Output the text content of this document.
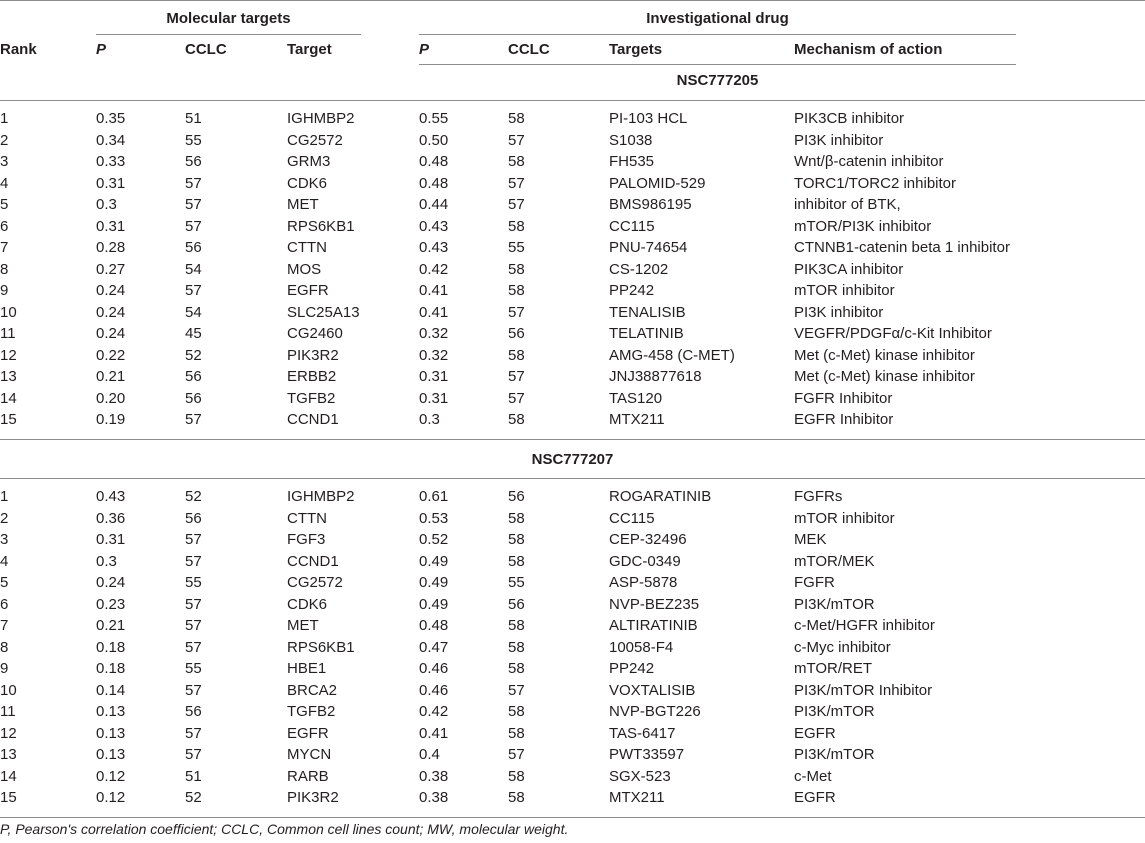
Molecular targets	Investigational drug
Rank	P	CCLC	Target	P	CCLC	Targets	Mechanism of action
NSC777205
1	0.35	51	IGHMBP2	0.55	58	PI-103 HCL	PIK3CB inhibitor
2	0.34	55	CG2572	0.50	57	S1038	PI3K inhibitor
3	0.33	56	GRM3	0.48	58	FH535	Wnt/β-catenin inhibitor
4	0.31	57	CDK6	0.48	57	PALOMID-529	TORC1/TORC2 inhibitor
5	0.3	57	MET	0.44	57	BMS986195	inhibitor of BTK,
6	0.31	57	RPS6KB1	0.43	58	CC115	mTOR/PI3K inhibitor
7	0.28	56	CTTN	0.43	55	PNU-74654	CTNNB1-catenin beta 1 inhibitor
8	0.27	54	MOS	0.42	58	CS-1202	PIK3CA inhibitor
9	0.24	57	EGFR	0.41	58	PP242	mTOR inhibitor
10	0.24	54	SLC25A13	0.41	57	TENALISIB	PI3K inhibitor
11	0.24	45	CG2460	0.32	56	TELATINIB	VEGFR/PDGFα/c-Kit Inhibitor
12	0.22	52	PIK3R2	0.32	58	AMG-458 (C-MET)	Met (c-Met) kinase inhibitor
13	0.21	56	ERBB2	0.31	57	JNJ38877618	Met (c-Met) kinase inhibitor
14	0.20	56	TGFB2	0.31	57	TAS120	FGFR Inhibitor
15	0.19	57	CCND1	0.3	58	MTX211	EGFR Inhibitor
NSC777207
1	0.43	52	IGHMBP2	0.61	56	ROGARATINIB	FGFRs
2	0.36	56	CTTN	0.53	58	CC115	mTOR inhibitor
3	0.31	57	FGF3	0.52	58	CEP-32496	MEK
4	0.3	57	CCND1	0.49	58	GDC-0349	mTOR/MEK
5	0.24	55	CG2572	0.49	55	ASP-5878	FGFR
6	0.23	57	CDK6	0.49	56	NVP-BEZ235	PI3K/mTOR
7	0.21	57	MET	0.48	58	ALTIRATINIB	c-Met/HGFR inhibitor
8	0.18	57	RPS6KB1	0.47	58	10058-F4	c-Myc inhibitor
9	0.18	55	HBE1	0.46	58	PP242	mTOR/RET
10	0.14	57	BRCA2	0.46	57	VOXTALISIB	PI3K/mTOR Inhibitor
11	0.13	56	TGFB2	0.42	58	NVP-BGT226	PI3K/mTOR
12	0.13	57	EGFR	0.41	58	TAS-6417	EGFR
13	0.13	57	MYCN	0.4	57	PWT33597	PI3K/mTOR
14	0.12	51	RARB	0.38	58	SGX-523	c-Met
15	0.12	52	PIK3R2	0.38	58	MTX211	EGFR
P, Pearson's correlation coefficient; CCLC, Common cell lines count; MW, molecular weight.
